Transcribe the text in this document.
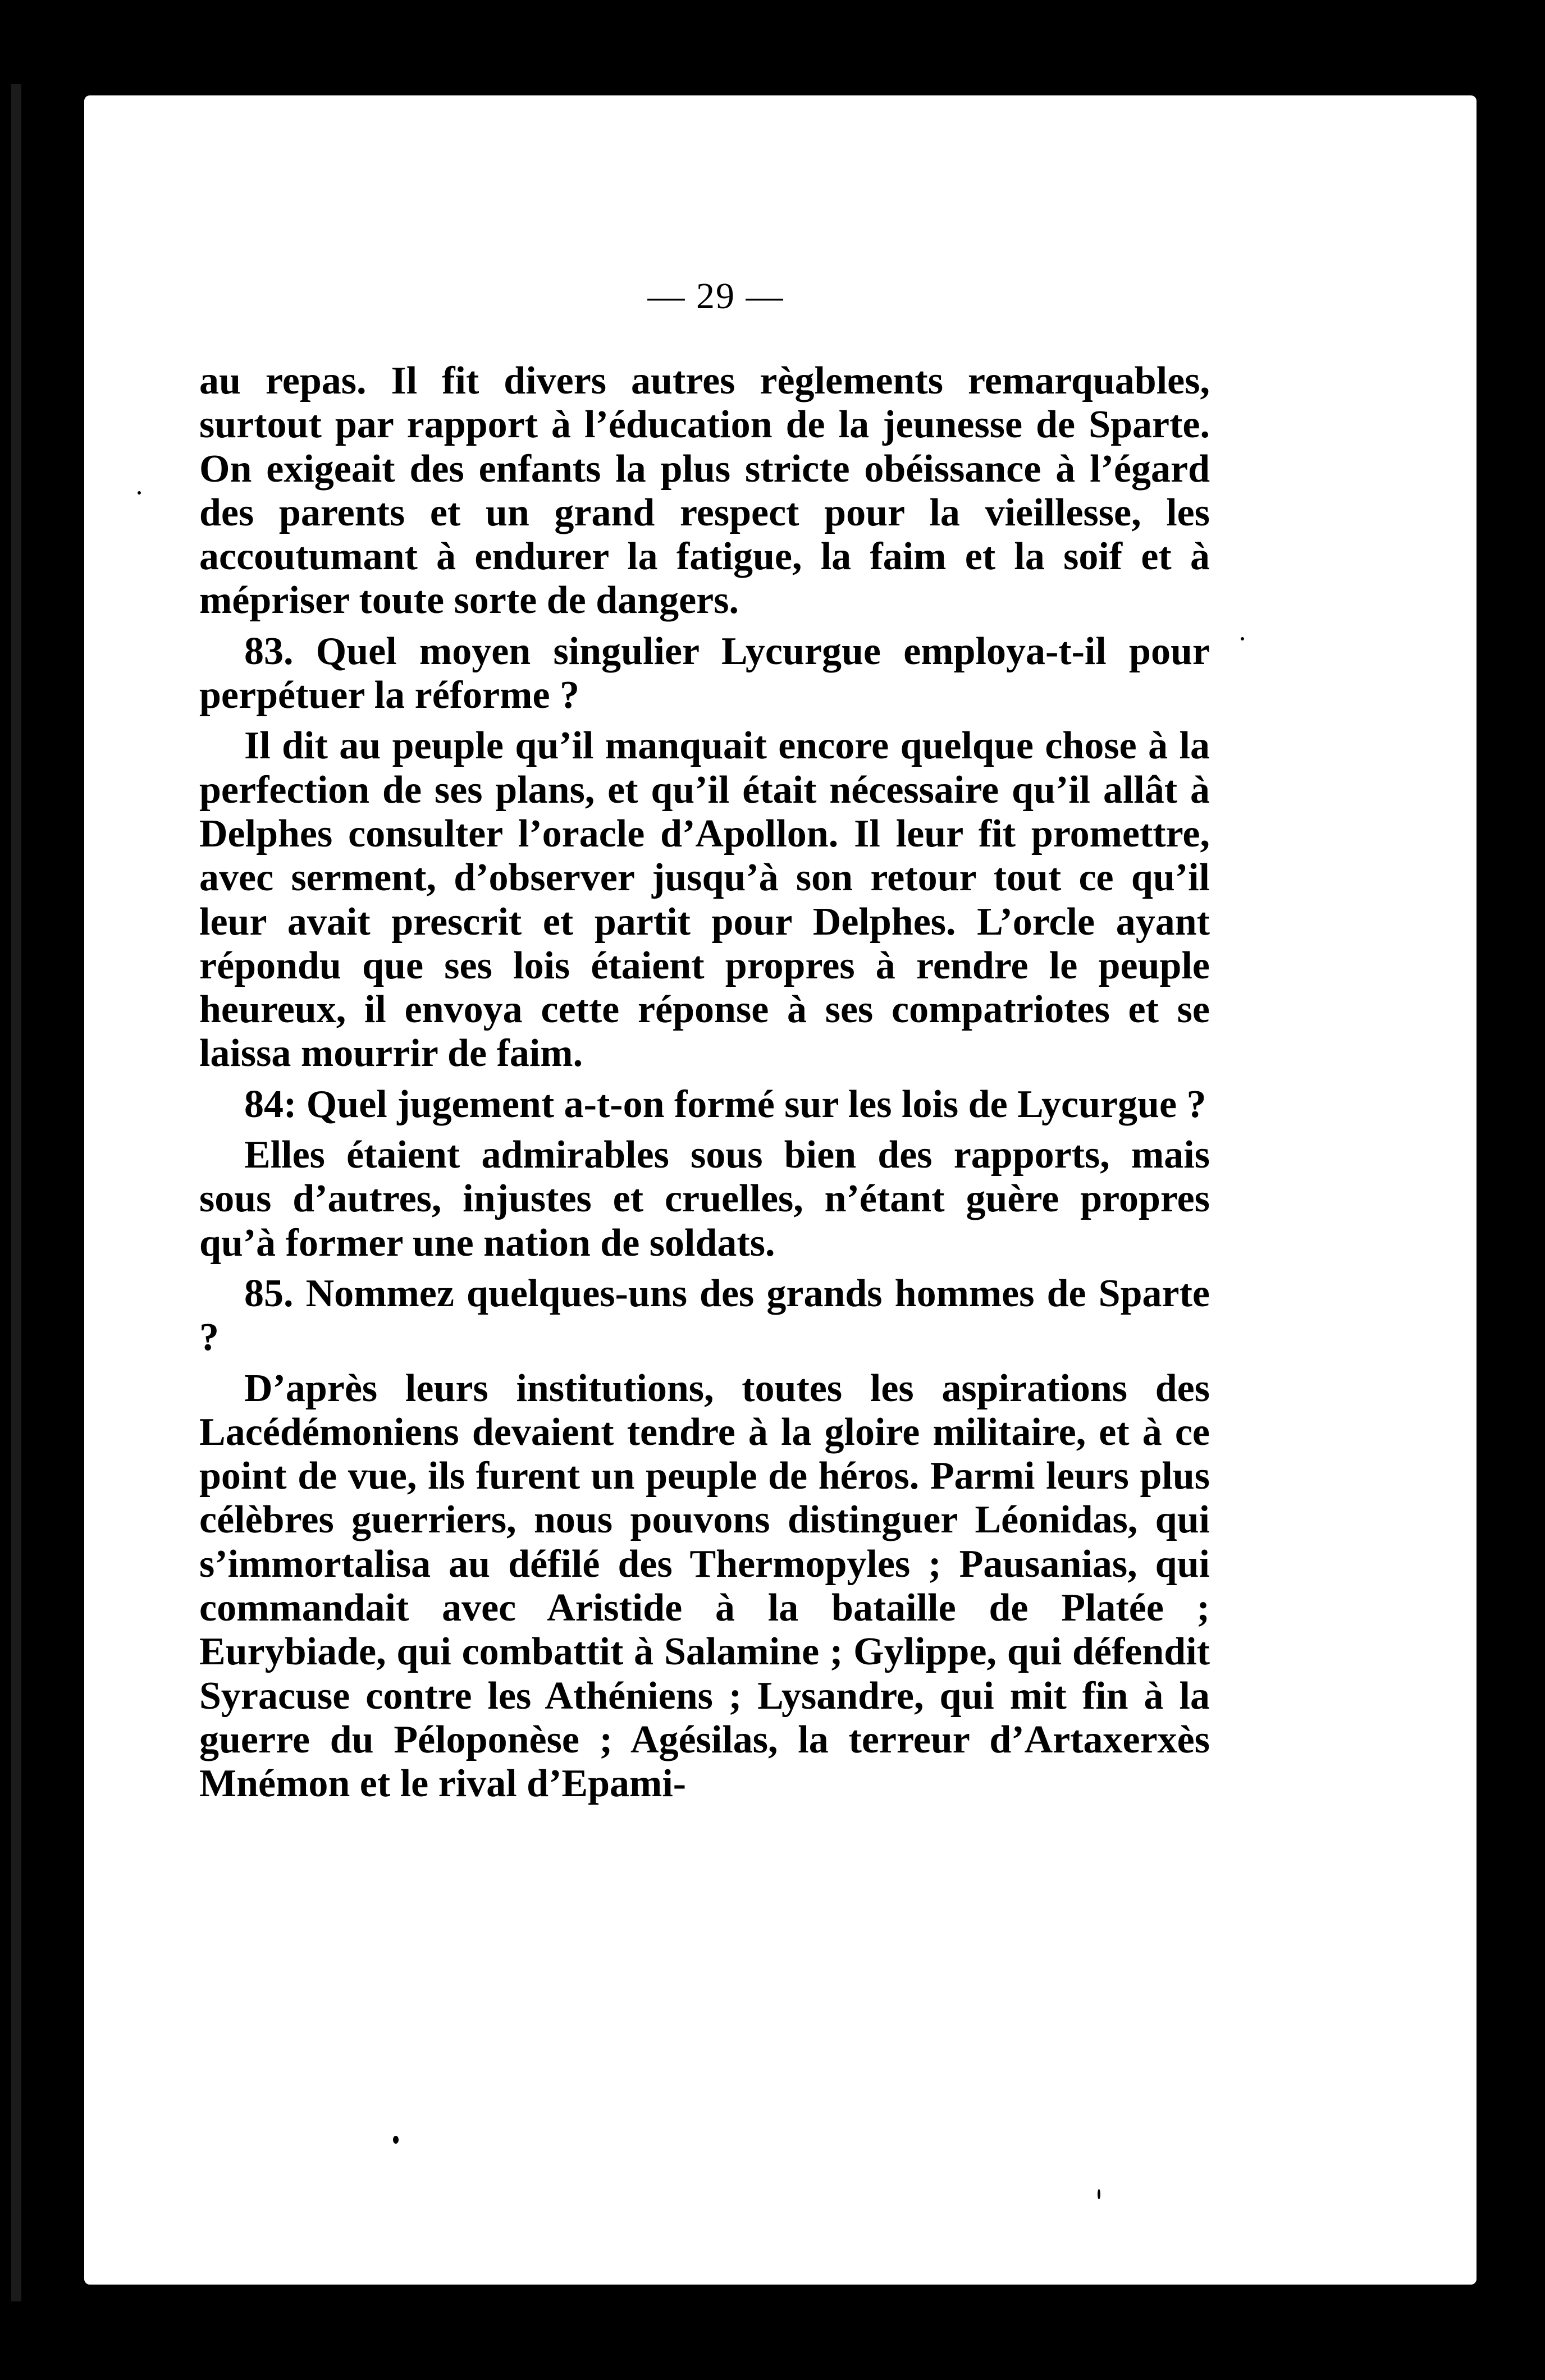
— 29 —

au repas. Il fit divers autres règlements remarquables, surtout par rapport à l’éducation de la jeunesse de Sparte. On exigeait des enfants la plus stricte obéissance à l’égard des parents et un grand respect pour la vieillesse, les accoutumant à endurer la fatigue, la faim et la soif et à mépriser toute sorte de dangers.

83. Quel moyen singulier Lycurgue employa-t-il pour perpétuer la réforme ?

Il dit au peuple qu’il manquait encore quelque chose à la perfection de ses plans, et qu’il était nécessaire qu’il allât à Delphes consulter l’oracle d’Apollon. Il leur fit promettre, avec serment, d’observer jusqu’à son retour tout ce qu’il leur avait prescrit et partit pour Delphes. L’orcle ayant répondu que ses lois étaient propres à rendre le peuple heureux, il envoya cette réponse à ses compatriotes et se laissa mourrir de faim.

84: Quel jugement a-t-on formé sur les lois de Lycurgue ?

Elles étaient admirables sous bien des rapports, mais sous d’autres, injustes et cruelles, n’étant guère propres qu’à former une nation de soldats.

85. Nommez quelques-uns des grands hommes de Sparte ?

D’après leurs institutions, toutes les aspirations des Lacédémoniens devaient tendre à la gloire militaire, et à ce point de vue, ils furent un peuple de héros. Parmi leurs plus célèbres guerriers, nous pouvons distinguer Léonidas, qui s’immortalisa au défilé des Thermopyles ; Pausanias, qui commandait avec Aristide à la bataille de Platée ; Eurybiade, qui combattit à Salamine ; Gylippe, qui défendit Syracuse contre les Athéniens ; Lysandre, qui mit fin à la guerre du Péloponèse ; Agésilas, la terreur d’Artaxerxès Mnémon et le rival d’Epami-
